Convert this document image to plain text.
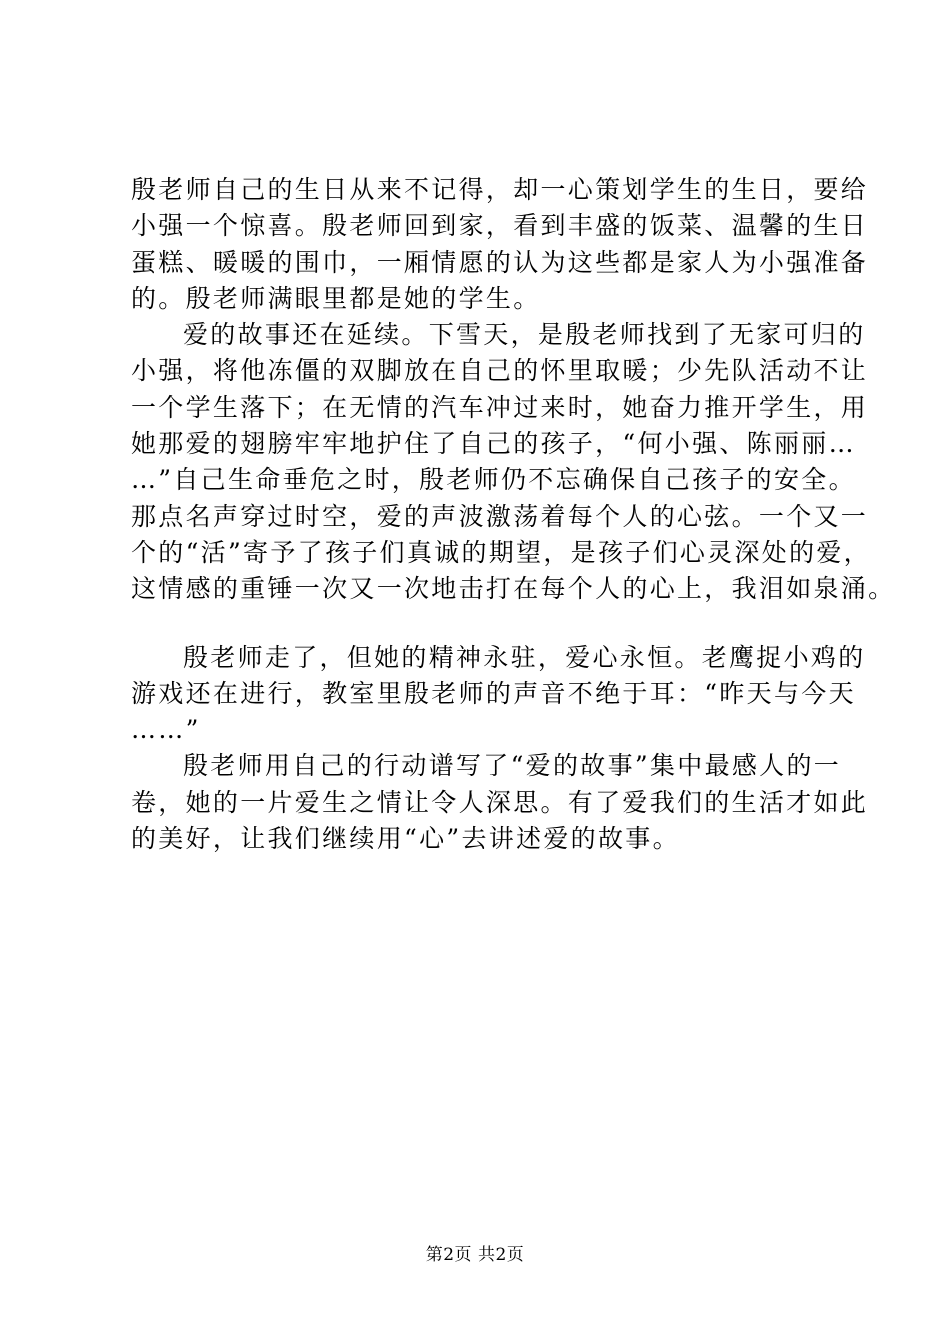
殷老师自己的生日从来不记得，却一心策划学生的生日，要给
小强一个惊喜。殷老师回到家，看到丰盛的饭菜、温馨的生日
蛋糕、暖暖的围巾，一厢情愿的认为这些都是家人为小强准备
的。殷老师满眼里都是她的学生。
爱的故事还在延续。下雪天，是殷老师找到了无家可归的
小强，将他冻僵的双脚放在自己的怀里取暖；少先队活动不让
一个学生落下；在无情的汽车冲过来时，她奋力推开学生，用
她那爱的翅膀牢牢地护住了自己的孩子，“何小强、陈丽丽…
…”自己生命垂危之时，殷老师仍不忘确保自己孩子的安全。
那点名声穿过时空，爱的声波激荡着每个人的心弦。一个又一
个的“活”寄予了孩子们真诚的期望，是孩子们心灵深处的爱，
这情感的重锤一次又一次地击打在每个人的心上，我泪如泉涌。
殷老师走了，但她的精神永驻，爱心永恒。老鹰捉小鸡的
游戏还在进行，教室里殷老师的声音不绝于耳：“昨天与今天
……”
殷老师用自己的行动谱写了“爱的故事”集中最感人的一
卷，她的一片爱生之情让令人深思。有了爱我们的生活才如此
的美好，让我们继续用“心”去讲述爱的故事。
第2页 共2页
